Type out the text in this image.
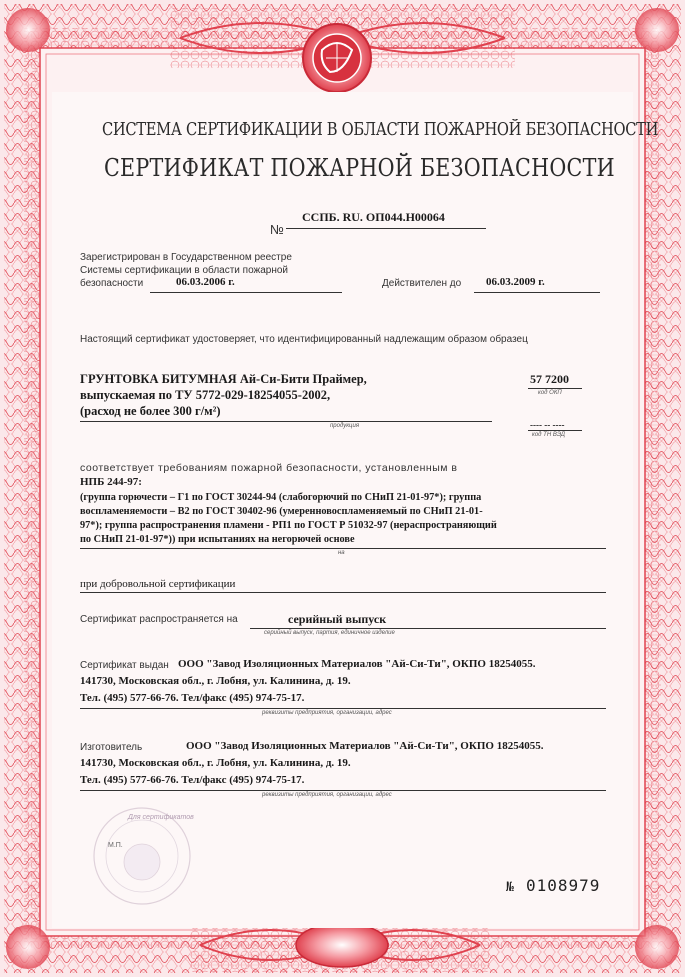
СИСТЕМА СЕРТИФИКАЦИИ В ОБЛАСТИ ПОЖАРНОЙ БЕЗОПАСНОСТИ
СЕРТИФИКАТ ПОЖАРНОЙ БЕЗОПАСНОСТИ
№
ССПБ. RU. ОП044.Н00064
Зарегистрирован в Государственном реестре
Системы сертификации в области пожарной
безопасности	06.03.2006 г.	Действителен до 06.03.2009 г.
Настоящий сертификат удостоверяет, что идентифицированный надлежащим образом образец
ГРУНТОВКА БИТУМНАЯ Ай-Си-Бити Праймер,
выпускаемая по ТУ 5772-029-18254055-2002,
(расход не более 300 г/м²)
продукция
57 7200
код ОКП
---- -- ----
код ТН ВЭД
соответствует требованиям пожарной безопасности, установленным в
НПБ 244-97:
(группа горючести – Г1 по ГОСТ 30244-94 (слабогорючий по СНиП 21-01-97*); группа
воспламеняемости – В2 по ГОСТ 30402-96 (умеренновоспламеняемый по СНиП 21-01-
97*); группа распространения пламени - РП1 по ГОСТ Р 51032-97 (нераспространяющий
по СНиП 21-01-97*)) при испытаниях на негорючей основе
на
при добровольной сертификации
Сертификат распространяется на	серийный выпуск
серийный выпуск, партия, единичное изделие
Сертификат выдан ООО "Завод Изоляционных Материалов "Ай-Си-Ти", ОКПО 18254055.
141730, Московская обл., г. Лобня, ул. Калинина, д. 19.
Тел. (495) 577-66-76. Тел/факс (495) 974-75-17.
реквизиты предприятия, организации, адрес
Изготовитель	ООО "Завод Изоляционных Материалов "Ай-Си-Ти", ОКПО 18254055.
141730, Московская обл., г. Лобня, ул. Калинина, д. 19.
Тел. (495) 577-66-76. Тел/факс (495) 974-75-17.
реквизиты предприятия, организации, адрес
Для сертификатов
М.П.
№ 0108979
